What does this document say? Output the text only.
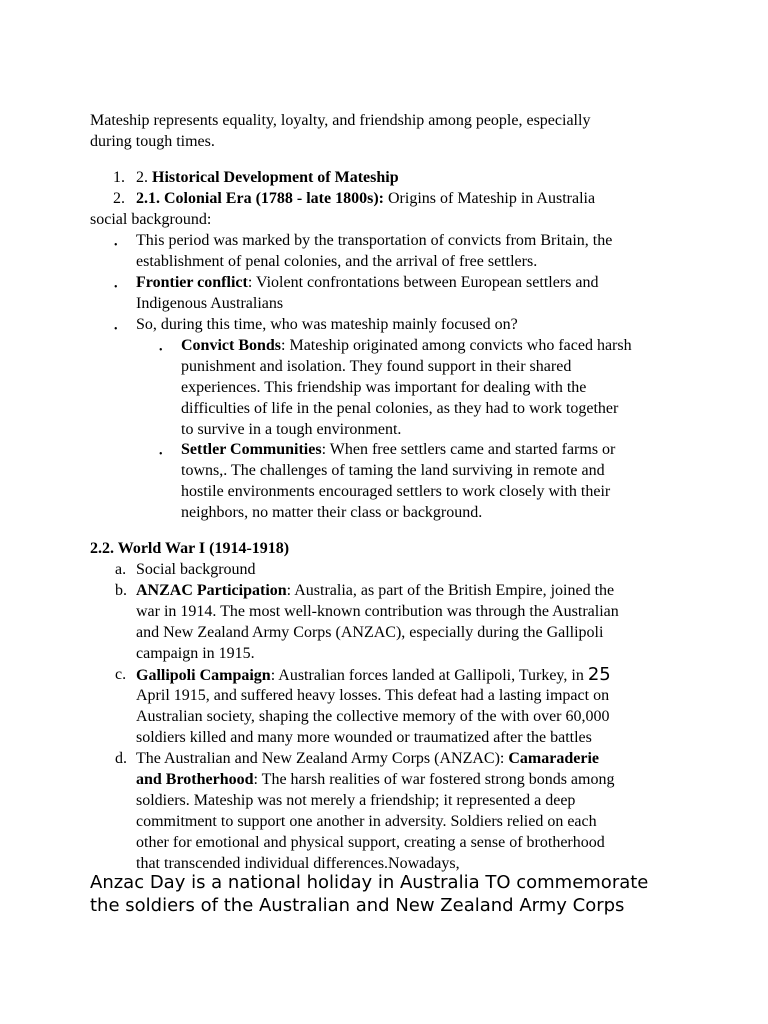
Mateship represents equality, loyalty, and friendship among people, especially
during tough times.
1. 2. Historical Development of Mateship
2. 2.1. Colonial Era (1788 - late 1800s): Origins of Mateship in Australia
social background:
• This period was marked by the transportation of convicts from Britain, the
establishment of penal colonies, and the arrival of free settlers.
• Frontier conflict: Violent confrontations between European settlers and
Indigenous Australians
• So, during this time, who was mateship mainly focused on?
• Convict Bonds: Mateship originated among convicts who faced harsh
punishment and isolation. They found support in their shared
experiences. This friendship was important for dealing with the
difficulties of life in the penal colonies, as they had to work together
to survive in a tough environment.
• Settler Communities: When free settlers came and started farms or
towns,. The challenges of taming the land surviving in remote and
hostile environments encouraged settlers to work closely with their
neighbors, no matter their class or background.
2.2. World War I (1914-1918)
a. Social background
b. ANZAC Participation: Australia, as part of the British Empire, joined the
war in 1914. The most well-known contribution was through the Australian
and New Zealand Army Corps (ANZAC), especially during the Gallipoli
campaign in 1915.
c. Gallipoli Campaign: Australian forces landed at Gallipoli, Turkey, in 25
April 1915, and suffered heavy losses. This defeat had a lasting impact on
Australian society, shaping the collective memory of the with over 60,000
soldiers killed and many more wounded or traumatized after the battles
d. The Australian and New Zealand Army Corps (ANZAC): Camaraderie
and Brotherhood: The harsh realities of war fostered strong bonds among
soldiers. Mateship was not merely a friendship; it represented a deep
commitment to support one another in adversity. Soldiers relied on each
other for emotional and physical support, creating a sense of brotherhood
that transcended individual differences.Nowadays,
Anzac Day is a national holiday in Australia TO commemorate
the soldiers of the Australian and New Zealand Army Corps
